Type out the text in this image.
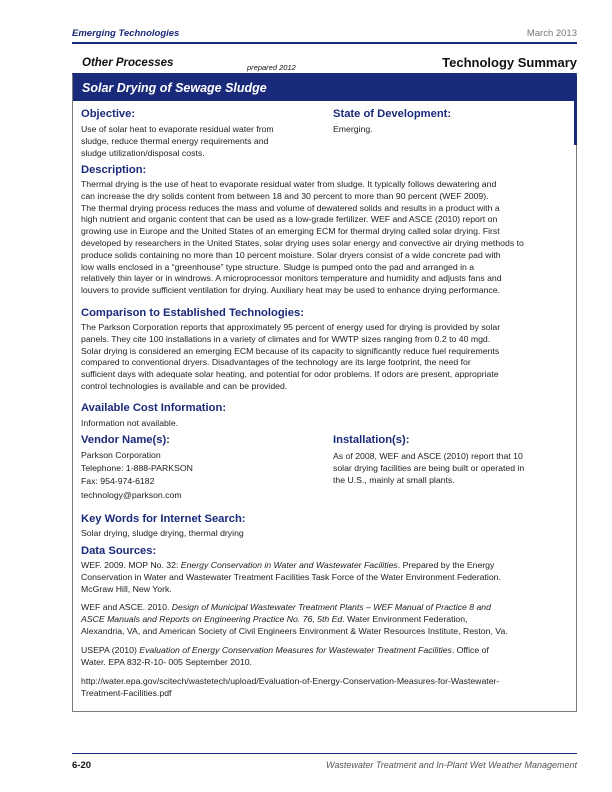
Emerging Technologies	March 2013
Other Processes	prepared 2012	Technology Summary
Solar Drying of Sewage Sludge
Objective:
Use of solar heat to evaporate residual water from
sludge, reduce thermal energy requirements and
sludge utilization/disposal costs.
State of Development:
Emerging.
Description:
Thermal drying is the use of heat to evaporate residual water from sludge. It typically follows dewatering and
can increase the dry solids content from between 18 and 30 percent to more than 90 percent (WEF 2009).
The thermal drying process reduces the mass and volume of dewatered solids and results in a product with a
high nutrient and organic content that can be used as a low-grade fertilizer. WEF and ASCE (2010) report on
growing use in Europe and the United States of an emerging ECM for thermal drying called solar drying. First
developed by researchers in the United States, solar drying uses solar energy and convective air drying methods to
produce solids containing no more than 10 percent moisture. Solar dryers consist of a wide concrete pad with
low walls enclosed in a “greenhouse” type structure. Sludge is pumped onto the pad and arranged in a
relatively thin layer or in windrows. A microprocessor monitors temperature and humidity and adjusts fans and
louvers to provide sufficient ventilation for drying. Auxiliary heat may be used to enhance drying performance.
Comparison to Established Technologies:
The Parkson Corporation reports that approximately 95 percent of energy used for drying is provided by solar
panels. They cite 100 installations in a variety of climates and for WWTP sizes ranging from 0.2 to 40 mgd.
Solar drying is considered an emerging ECM because of its capacity to significantly reduce fuel requirements
compared to conventional dryers. Disadvantages of the technology are its large footprint, the need for
sufficient days with adequate solar heating, and potential for odor problems. If odors are present, appropriate
control technologies is available and can be provided.
Available Cost Information:
Information not available.
Vendor Name(s):
Parkson Corporation
Telephone: 1-888-PARKSON
Fax: 954-974-6182
technology@parkson.com
Installation(s):
As of 2008, WEF and ASCE (2010) report that 10
solar drying facilities are being built or operated in
the U.S., mainly at small plants.
Key Words for Internet Search:
Solar drying, sludge drying, thermal drying
Data Sources:
WEF. 2009. MOP No. 32: Energy Conservation in Water and Wastewater Facilities. Prepared by the Energy
Conservation in Water and Wastewater Treatment Facilities Task Force of the Water Environment Federation.
McGraw Hill, New York.
WEF and ASCE. 2010. Design of Municipal Wastewater Treatment Plants – WEF Manual of Practice 8 and
ASCE Manuals and Reports on Engineering Practice No. 76, 5th Ed. Water Environment Federation,
Alexandria, VA, and American Society of Civil Engineers Environment & Water Resources Institute, Reston, Va.
USEPA (2010) Evaluation of Energy Conservation Measures for Wastewater Treatment Facilities. Office of
Water. EPA 832-R-10- 005 September 2010.
http://water.epa.gov/scitech/wastetech/upload/Evaluation-of-Energy-Conservation-Measures-for-Wastewater-
Treatment-Facilities.pdf
6-20	Wastewater Treatment and In-Plant Wet Weather Management
